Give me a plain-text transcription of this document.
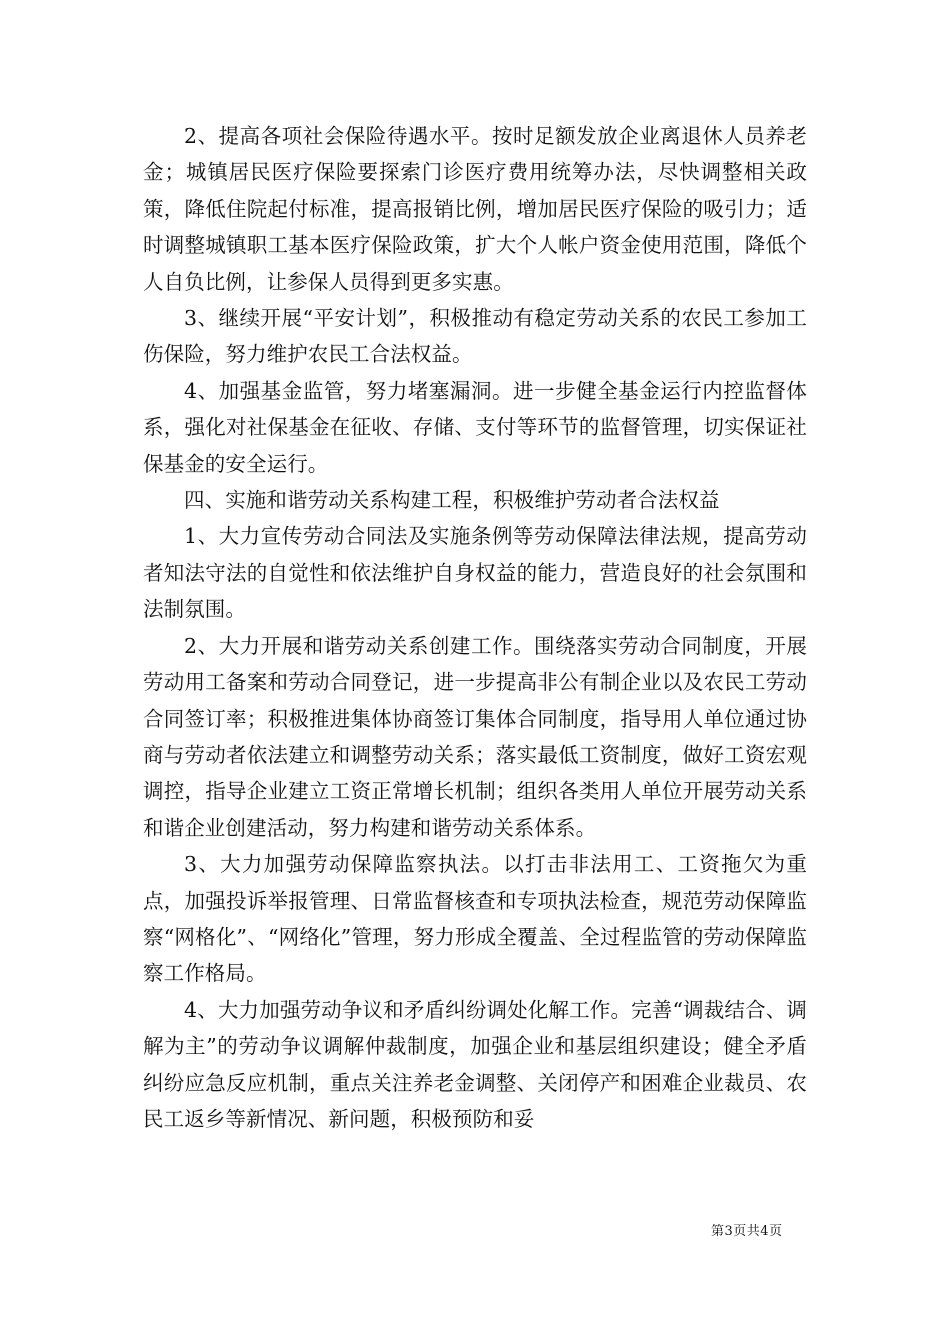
2、提高各项社会保险待遇水平。按时足额发放企业离退休人员养老金；城镇居民医疗保险要探索门诊医疗费用统筹办法，尽快调整相关政策，降低住院起付标准，提高报销比例，增加居民医疗保险的吸引力；适时调整城镇职工基本医疗保险政策，扩大个人帐户资金使用范围，降低个人自负比例，让参保人员得到更多实惠。

3、继续开展“平安计划”，积极推动有稳定劳动关系的农民工参加工伤保险，努力维护农民工合法权益。

4、加强基金监管，努力堵塞漏洞。进一步健全基金运行内控监督体系，强化对社保基金在征收、存储、支付等环节的监督管理，切实保证社保基金的安全运行。

四、实施和谐劳动关系构建工程，积极维护劳动者合法权益

1、大力宣传劳动合同法及实施条例等劳动保障法律法规，提高劳动者知法守法的自觉性和依法维护自身权益的能力，营造良好的社会氛围和法制氛围。

2、大力开展和谐劳动关系创建工作。围绕落实劳动合同制度，开展劳动用工备案和劳动合同登记，进一步提高非公有制企业以及农民工劳动合同签订率；积极推进集体协商签订集体合同制度，指导用人单位通过协商与劳动者依法建立和调整劳动关系；落实最低工资制度，做好工资宏观调控，指导企业建立工资正常增长机制；组织各类用人单位开展劳动关系和谐企业创建活动，努力构建和谐劳动关系体系。

3、大力加强劳动保障监察执法。以打击非法用工、工资拖欠为重点，加强投诉举报管理、日常监督核查和专项执法检查，规范劳动保障监察“网格化”、“网络化”管理，努力形成全覆盖、全过程监管的劳动保障监察工作格局。

4、大力加强劳动争议和矛盾纠纷调处化解工作。完善“调裁结合、调解为主”的劳动争议调解仲裁制度，加强企业和基层组织建设；健全矛盾纠纷应急反应机制，重点关注养老金调整、关闭停产和困难企业裁员、农民工返乡等新情况、新问题，积极预防和妥

第3页共4页
